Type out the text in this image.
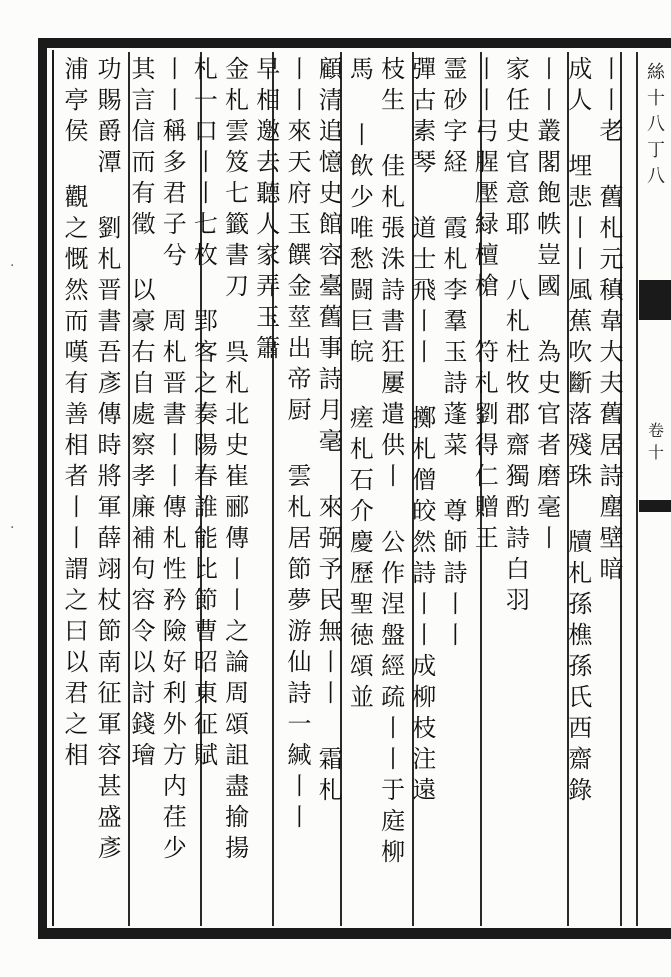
絲十八丁八
卷十
丨丨老 舊札元稹韋大夫舊居詩塵壁暗
成人 埋悲丨丨風蕉吹斷落殘珠 牘札孫樵孫氏西齋錄
丨丨叢閣飽帙豈國 為史官者磨毫丨
家任史官意耶 八札杜牧郡齋獨酌詩白羽
丨丨弓腥壓緑檀槍 符札劉得仁贈王
霊砂字経 霞札李羣玉詩蓬菜 尊師詩丨丨
彈古素琴 道士飛丨丨 擲札僧皎然詩丨丨成柳枝注遠
枝生 佳札張洙詩書狂屢遣供丨 公作涅盤經疏丨丨于庭柳
馬 丨飲少唯愁闘巨皖 瘥札石介慶歷聖徳頌並
顧清追憶史館容臺舊事詩月毫 來弼予民無丨丨 霜札
丨丨來天府玉饌金莖出帝厨 雲札居節夢游仙詩一緘丨丨
早相邀去聽人家弄玉簫
金札雲笈七籤書刀 呉札北史崔郦傳丨丨之論周頌詛盡揄揚
札一口丨丨七枚 郢客之奏陽春誰能比節曹昭東征賦
丨丨稱多君子兮 周札晋書丨丨傳札性矜險好利外方内荏少
其言信而有徵 以豪右自處察孝廉補句容令以討錢璯
功賜爵潭 劉札晋書吾彥傳時將軍薛翊杖節南征軍容甚盛彥
浦亭侯 觀之慨然而嘆有善相者丨丨謂之曰以君之相
·
·
